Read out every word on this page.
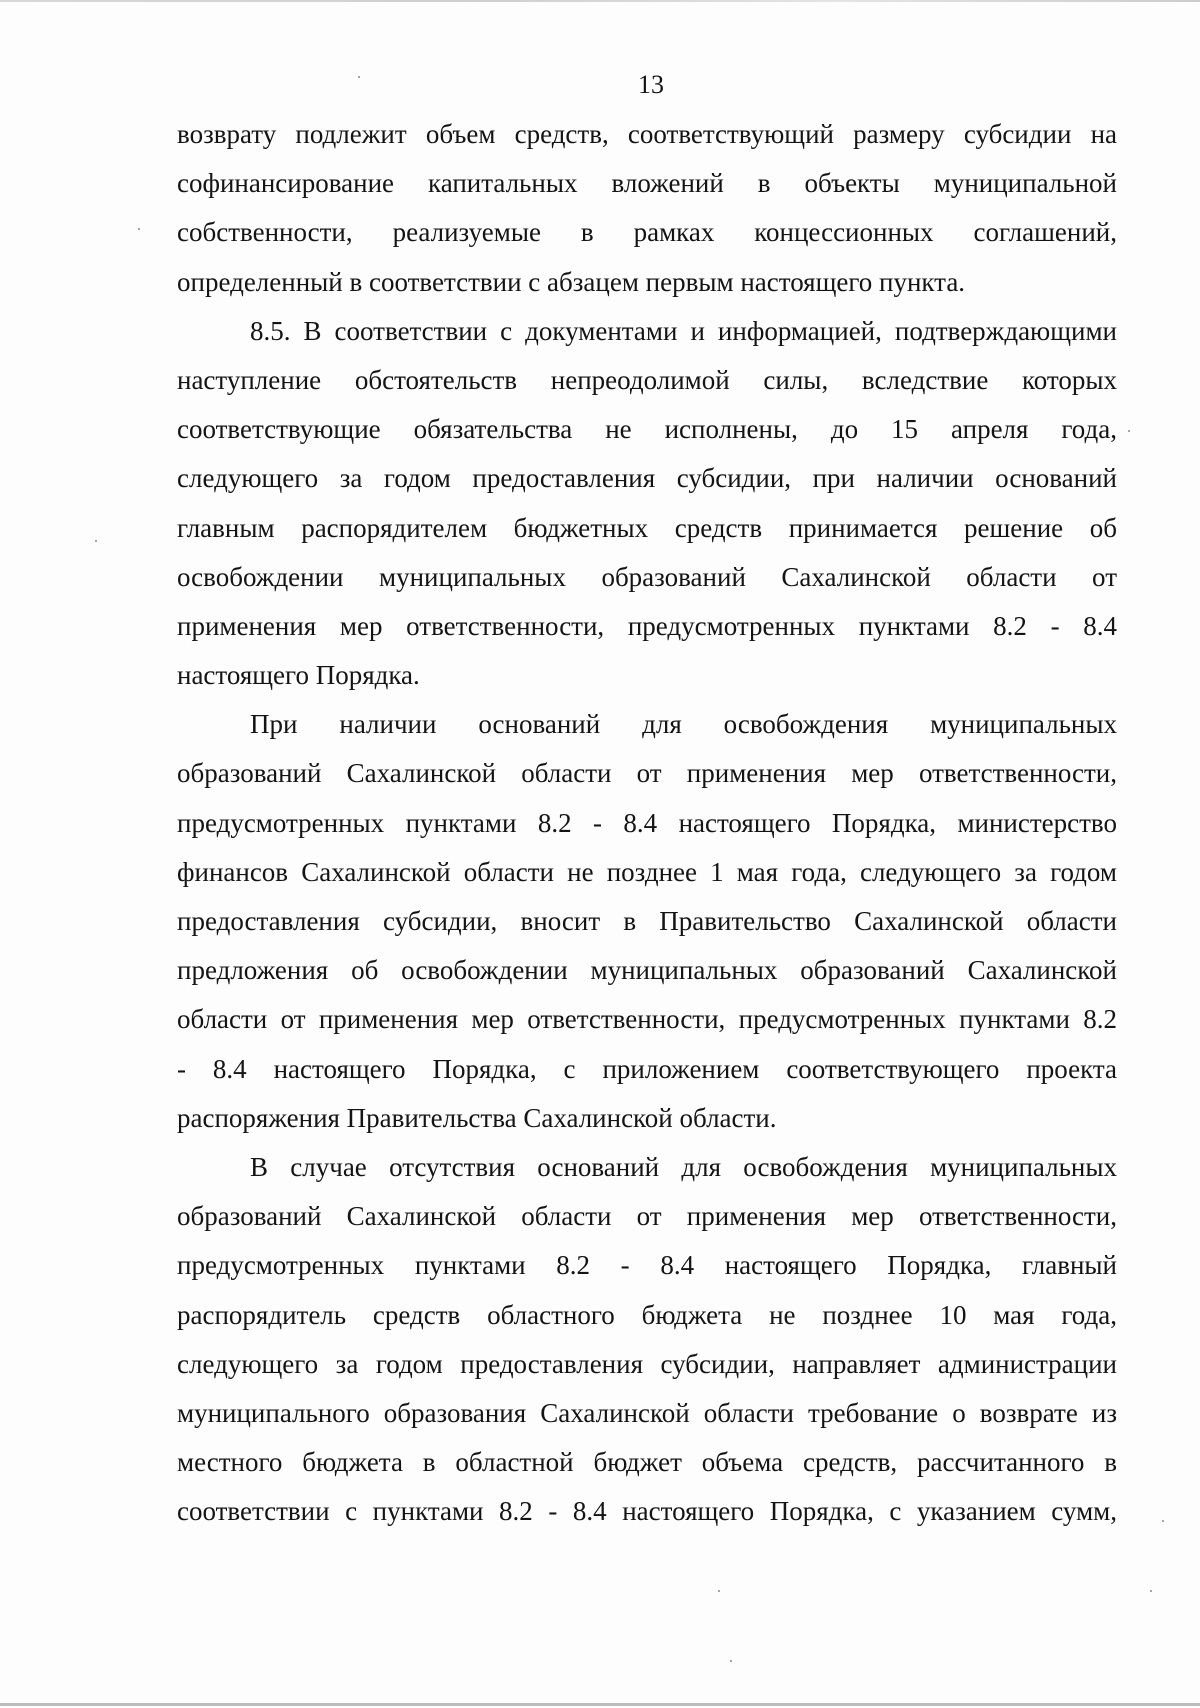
13
возврату подлежит объем средств, соответствующий размеру субсидии на
софинансирование капитальных вложений в объекты муниципальной
собственности, реализуемые в рамках концессионных соглашений,
определенный в соответствии с абзацем первым настоящего пункта.
8.5. В соответствии с документами и информацией, подтверждающими
наступление обстоятельств непреодолимой силы, вследствие которых
соответствующие обязательства не исполнены, до 15 апреля года,
следующего за годом предоставления субсидии, при наличии оснований
главным распорядителем бюджетных средств принимается решение об
освобождении муниципальных образований Сахалинской области от
применения мер ответственности, предусмотренных пунктами 8.2 - 8.4
настоящего Порядка.
При наличии оснований для освобождения муниципальных
образований Сахалинской области от применения мер ответственности,
предусмотренных пунктами 8.2 - 8.4 настоящего Порядка, министерство
финансов Сахалинской области не позднее 1 мая года, следующего за годом
предоставления субсидии, вносит в Правительство Сахалинской области
предложения об освобождении муниципальных образований Сахалинской
области от применения мер ответственности, предусмотренных пунктами 8.2
- 8.4 настоящего Порядка, с приложением соответствующего проекта
распоряжения Правительства Сахалинской области.
В случае отсутствия оснований для освобождения муниципальных
образований Сахалинской области от применения мер ответственности,
предусмотренных пунктами 8.2 - 8.4 настоящего Порядка, главный
распорядитель средств областного бюджета не позднее 10 мая года,
следующего за годом предоставления субсидии, направляет администрации
муниципального образования Сахалинской области требование о возврате из
местного бюджета в областной бюджет объема средств, рассчитанного в
соответствии с пунктами 8.2 - 8.4 настоящего Порядка, с указанием сумм,
